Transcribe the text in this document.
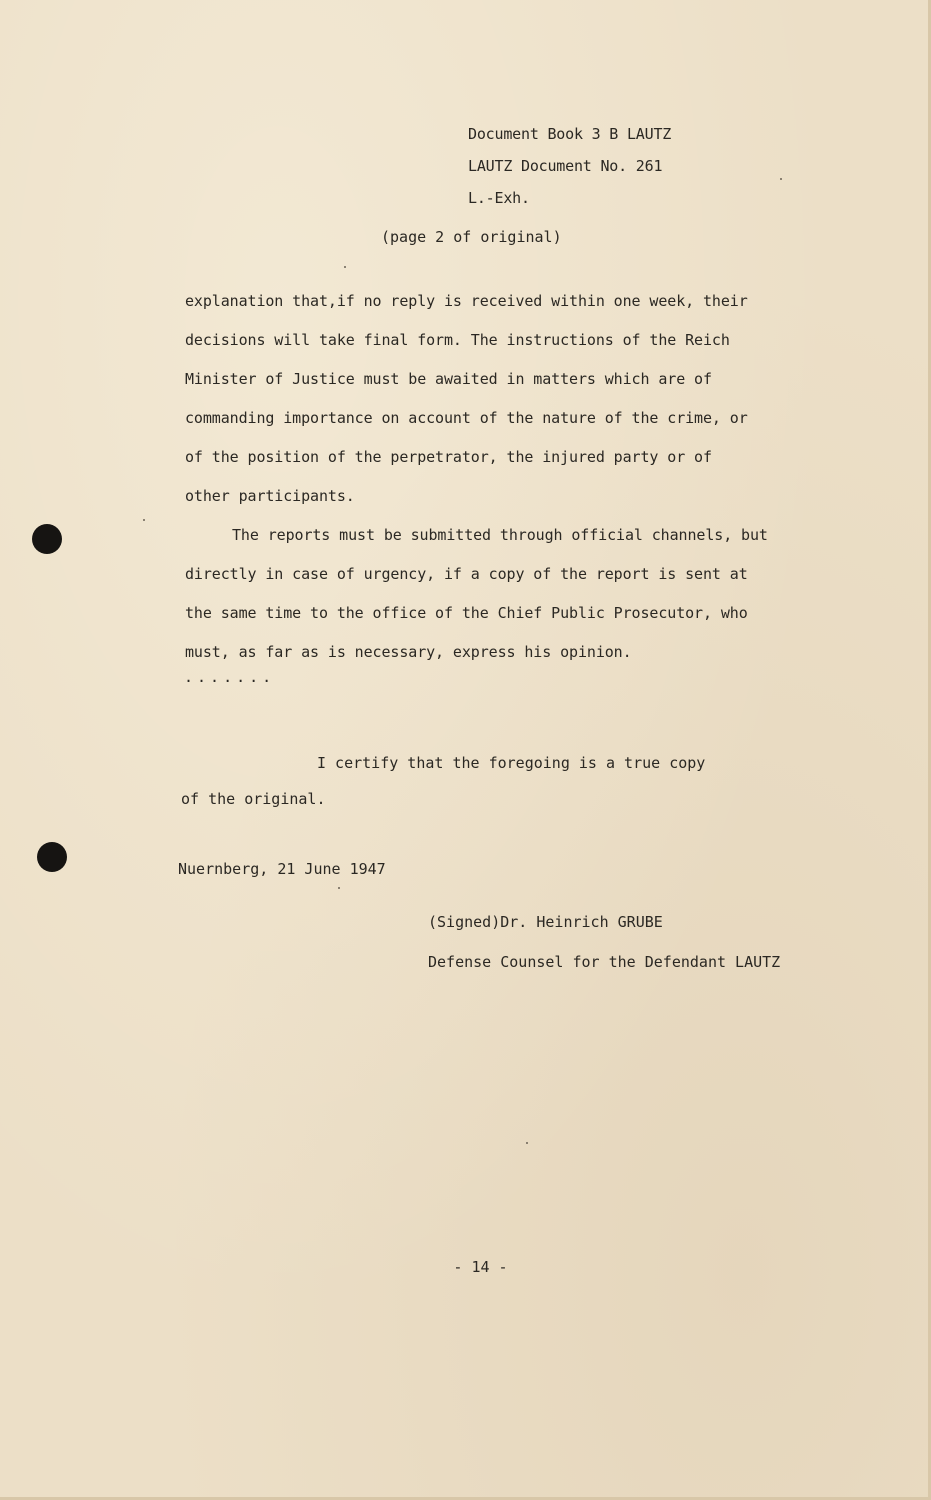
Document Book 3 B LAUTZ
LAUTZ Document No. 261
L.-Exh.
(page 2 of original)
explanation that,if no reply is received within one week, their
decisions will take final form. The instructions of the Reich
Minister of Justice must be awaited in matters which are of
commanding importance on account of the nature of the crime, or
of the position of the perpetrator, the injured party or of
other participants.
The reports must be submitted through official channels, but
directly in case of urgency, if a copy of the report is sent at
the same time to the office of the Chief Public Prosecutor, who
must, as far as is necessary, express his opinion.
.......
I certify that the foregoing is a true copy
of the original.
Nuernberg, 21 June 1947
(Signed)Dr. Heinrich GRUBE
Defense Counsel for the Defendant LAUTZ
- 14 -
